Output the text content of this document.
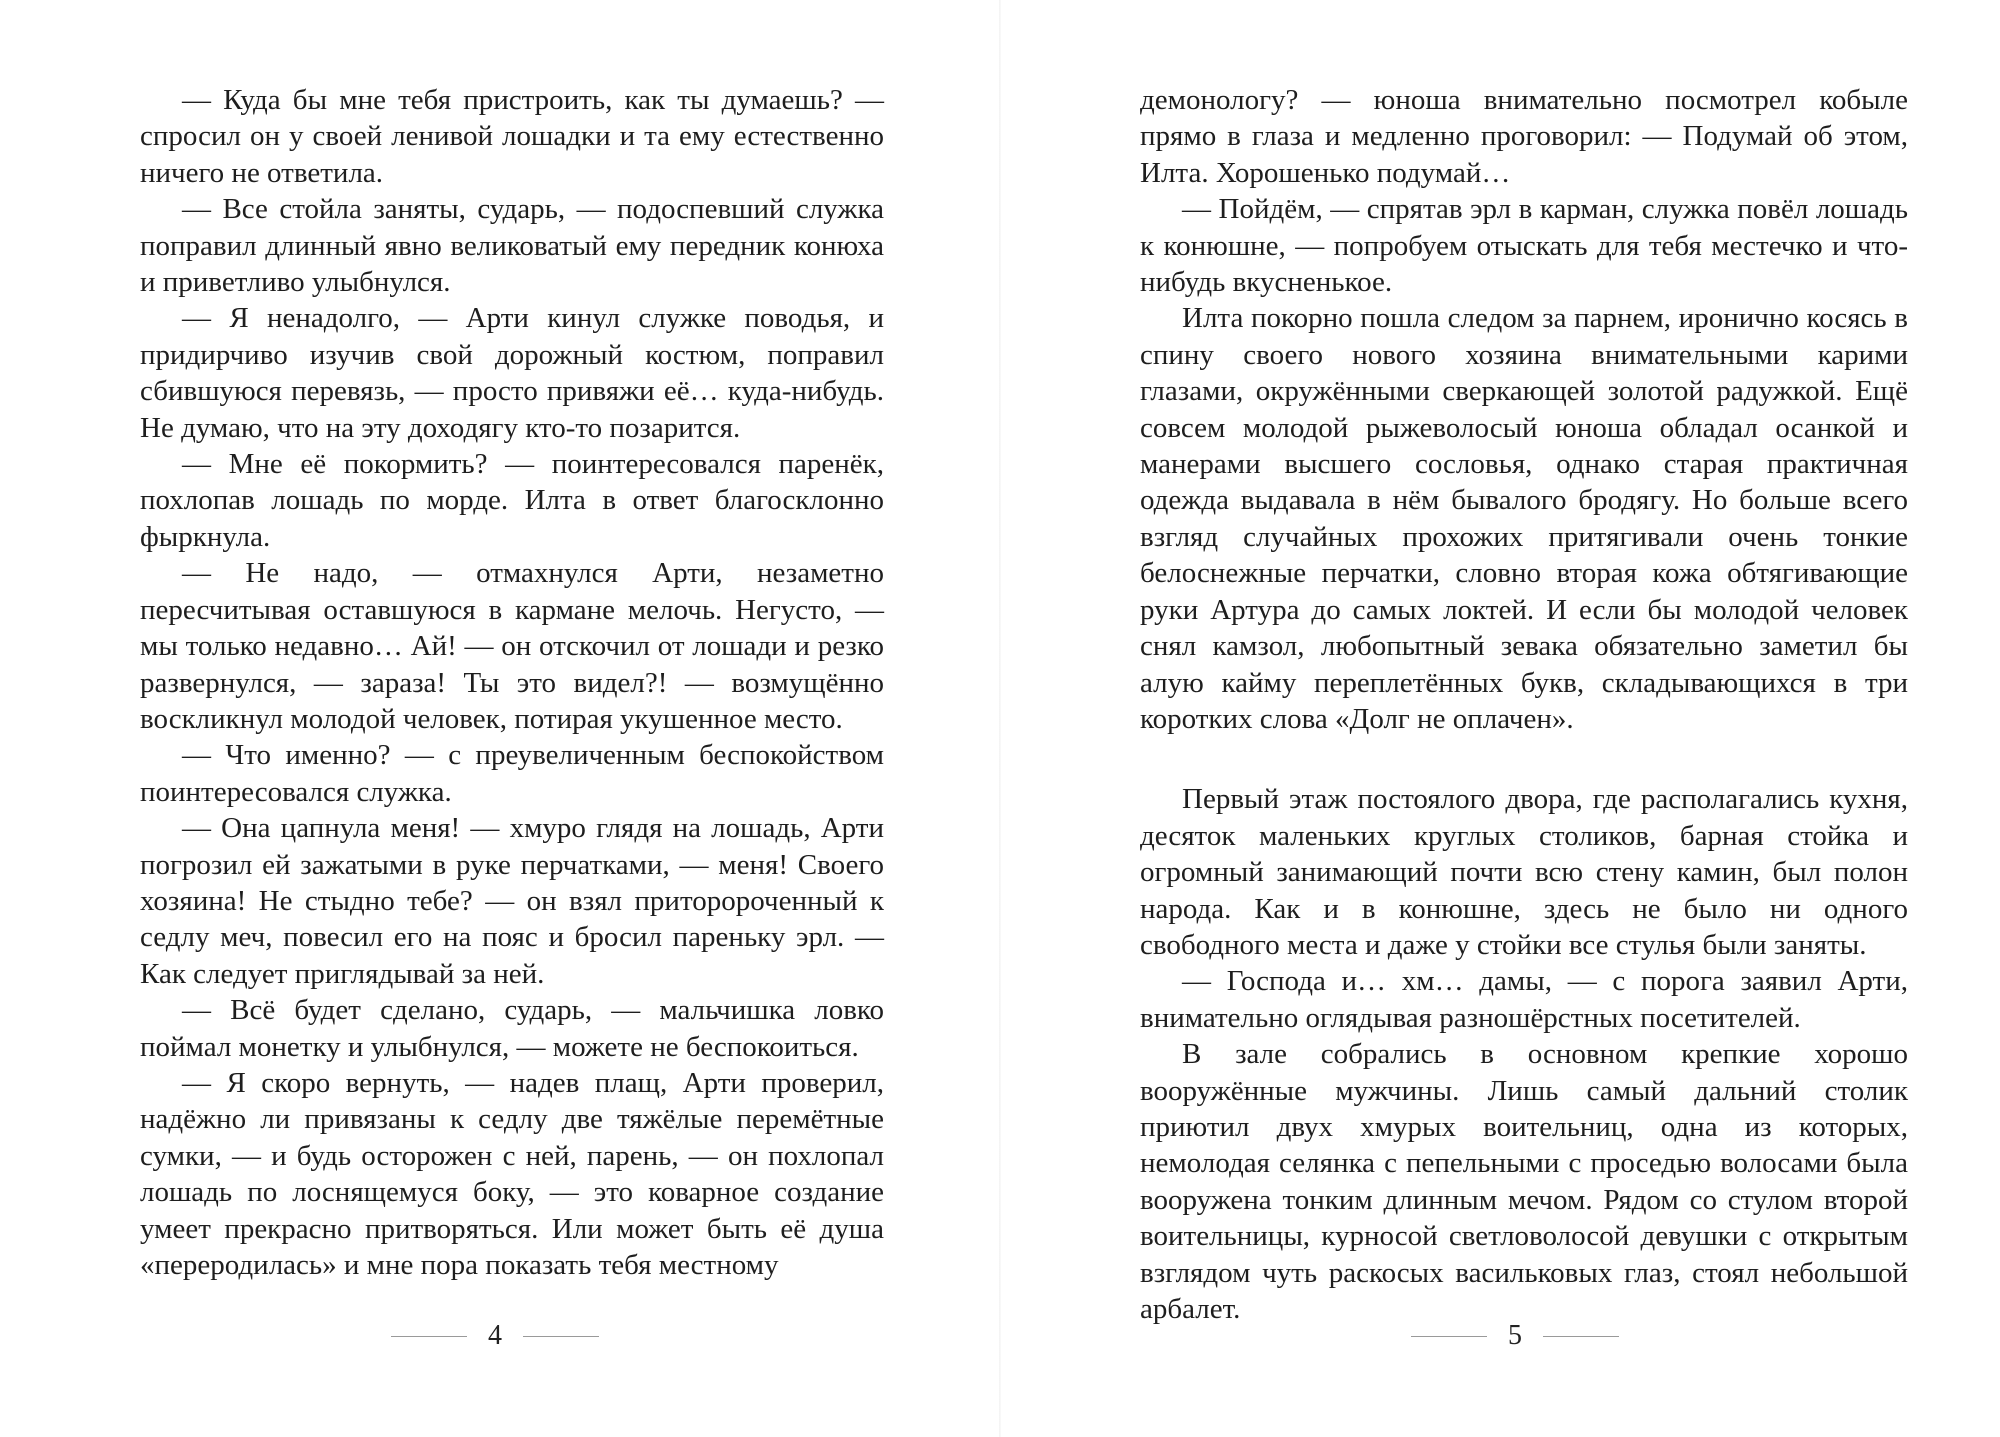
— Куда бы мне тебя пристроить, как ты думаешь? — спросил он у своей ленивой лошадки и та ему естественно ничего не ответила.

— Все стойла заняты, сударь, — подоспевший служка поправил длинный явно великоватый ему передник конюха и приветливо улыбнулся.

— Я ненадолго, — Арти кинул служке поводья, и придирчиво изучив свой дорожный костюм, поправил сбившуюся перевязь, — просто привяжи её… куда-нибудь. Не думаю, что на эту доходягу кто-то позарится.

— Мне её покормить? — поинтересовался паренёк, похлопав лошадь по морде. Илта в ответ благосклонно фыркнула.

— Не надо, — отмахнулся Арти, незаметно пересчитывая оставшуюся в кармане мелочь. Негусто, — мы только недавно… Ай! — он отскочил от лошади и резко развернулся, — зараза! Ты это видел?! — возмущённо воскликнул молодой человек, потирая укушенное место.

— Что именно? — с преувеличенным беспокойством поинтересовался служка.

— Она цапнула меня! — хмуро глядя на лошадь, Арти погрозил ей зажатыми в руке перчатками, — меня! Своего хозяина! Не стыдно тебе? — он взял приторороченный к седлу меч, повесил его на пояс и бросил пареньку эрл. — Как следует приглядывай за ней.

— Всё будет сделано, сударь, — мальчишка ловко поймал монетку и улыбнулся, — можете не беспокоиться.

— Я скоро вернуть, — надев плащ, Арти проверил, надёжно ли привязаны к седлу две тяжёлые перемётные сумки, — и будь осторожен с ней, парень, — он похлопал лошадь по лоснящемуся боку, — это коварное создание умеет прекрасно притворяться. Или может быть её душа «переродилась» и мне пора показать тебя местному

4

демонологу? — юноша внимательно посмотрел кобыле прямо в глаза и медленно проговорил: — Подумай об этом, Илта. Хорошенько подумай…

— Пойдём, — спрятав эрл в карман, служка повёл лошадь к конюшне, — попробуем отыскать для тебя местечко и что-нибудь вкусненькое.

Илта покорно пошла следом за парнем, иронично косясь в спину своего нового хозяина внимательными карими глазами, окружёнными сверкающей золотой радужкой. Ещё совсем молодой рыжеволосый юноша обладал осанкой и манерами высшего сословья, однако старая практичная одежда выдавала в нём бывалого бродягу. Но больше всего взгляд случайных прохожих притягивали очень тонкие белоснежные перчатки, словно вторая кожа обтягивающие руки Артура до самых локтей. И если бы молодой человек снял камзол, любопытный зевака обязательно заметил бы алую кайму переплетённых букв, складывающихся в три коротких слова «Долг не оплачен».

Первый этаж постоялого двора, где располагались кухня, десяток маленьких круглых столиков, барная стойка и огромный занимающий почти всю стену камин, был полон народа. Как и в конюшне, здесь не было ни одного свободного места и даже у стойки все стулья были заняты.

— Господа и… хм… дамы, — с порога заявил Арти, внимательно оглядывая разношёрстных посетителей.

В зале собрались в основном крепкие хорошо вооружённые мужчины. Лишь самый дальний столик приютил двух хмурых воительниц, одна из которых, немолодая селянка с пепельными с проседью волосами была вооружена тонким длинным мечом. Рядом со стулом второй воительницы, курносой светловолосой девушки с открытым взглядом чуть раскосых васильковых глаз, стоял небольшой арбалет.

5
